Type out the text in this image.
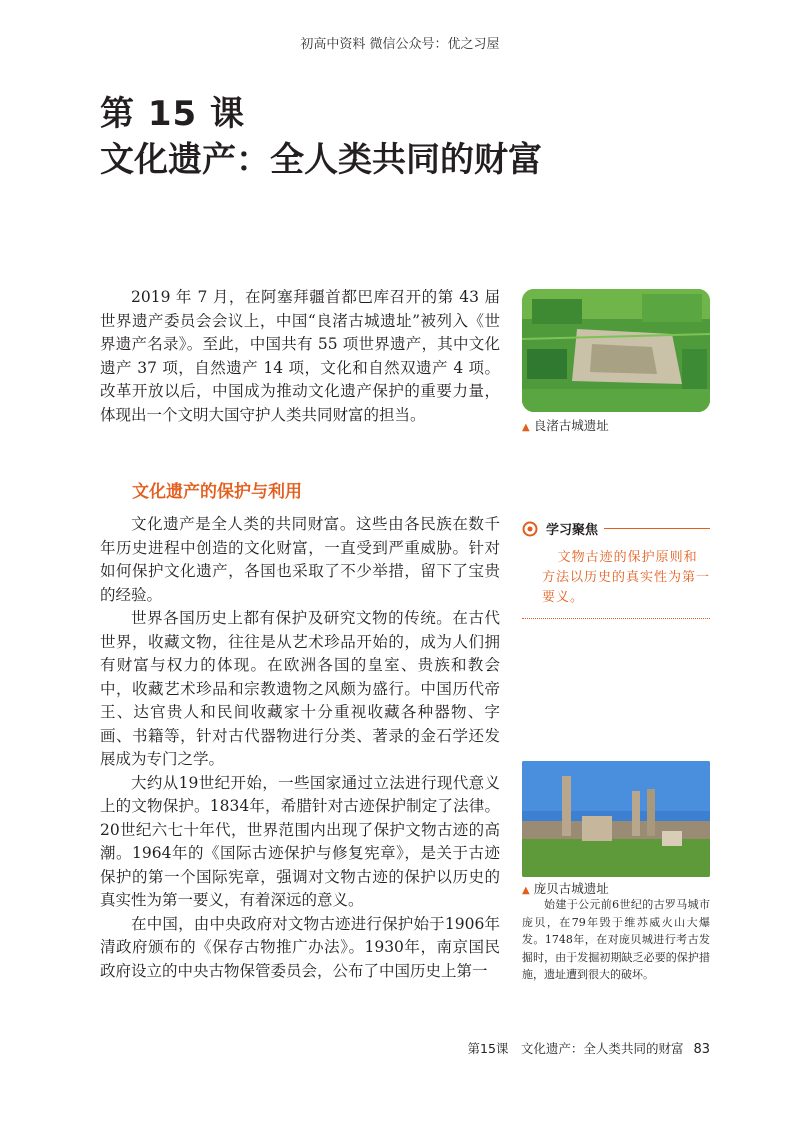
初高中资料 微信公众号：优之习屋
第 15 课
文化遗产：全人类共同的财富

2019 年 7 月，在阿塞拜疆首都巴库召开的第 43 届世界遗产委员会会议上，中国“良渚古城遗址”被列入《世界遗产名录》。至此，中国共有 55 项世界遗产，其中文化遗产 37 项，自然遗产 14 项，文化和自然双遗产 4 项。改革开放以后，中国成为推动文化遗产保护的重要力量，体现出一个文明大国守护人类共同财富的担当。

▲ 良渚古城遗址
文化遗产的保护与利用

文化遗产是全人类的共同财富。这些由各民族在数千年历史进程中创造的文化财富，一直受到严重威胁。针对如何保护文化遗产，各国也采取了不少举措，留下了宝贵的经验。

世界各国历史上都有保护及研究文物的传统。在古代世界，收藏文物，往往是从艺术珍品开始的，成为人们拥有财富与权力的体现。在欧洲各国的皇室、贵族和教会中，收藏艺术珍品和宗教遗物之风颇为盛行。中国历代帝王、达官贵人和民间收藏家十分重视收藏各种器物、字画、书籍等，针对古代器物进行分类、著录的金石学还发展成为专门之学。

大约从19世纪开始，一些国家通过立法进行现代意义上的文物保护。1834年，希腊针对古迹保护制定了法律。20世纪六七十年代，世界范围内出现了保护文物古迹的高潮。1964年的《国际古迹保护与修复宪章》，是关于古迹保护的第一个国际宪章，强调对文物古迹的保护以历史的真实性为第一要义，有着深远的意义。

在中国，由中央政府对文物古迹进行保护始于1906年清政府颁布的《保存古物推广办法》。1930年，南京国民政府设立的中央古物保管委员会，公布了中国历史上第一

学习聚焦
文物古迹的保护原则和方法以历史的真实性为第一要义。
▲ 庞贝古城遗址
始建于公元前6世纪的古罗马城市庞贝，在79年毁于维苏威火山大爆发。1748年，在对庞贝城进行考古发掘时，由于发掘初期缺乏必要的保护措施，遗址遭到很大的破坏。
第15课　文化遗产：全人类共同的财富 83
